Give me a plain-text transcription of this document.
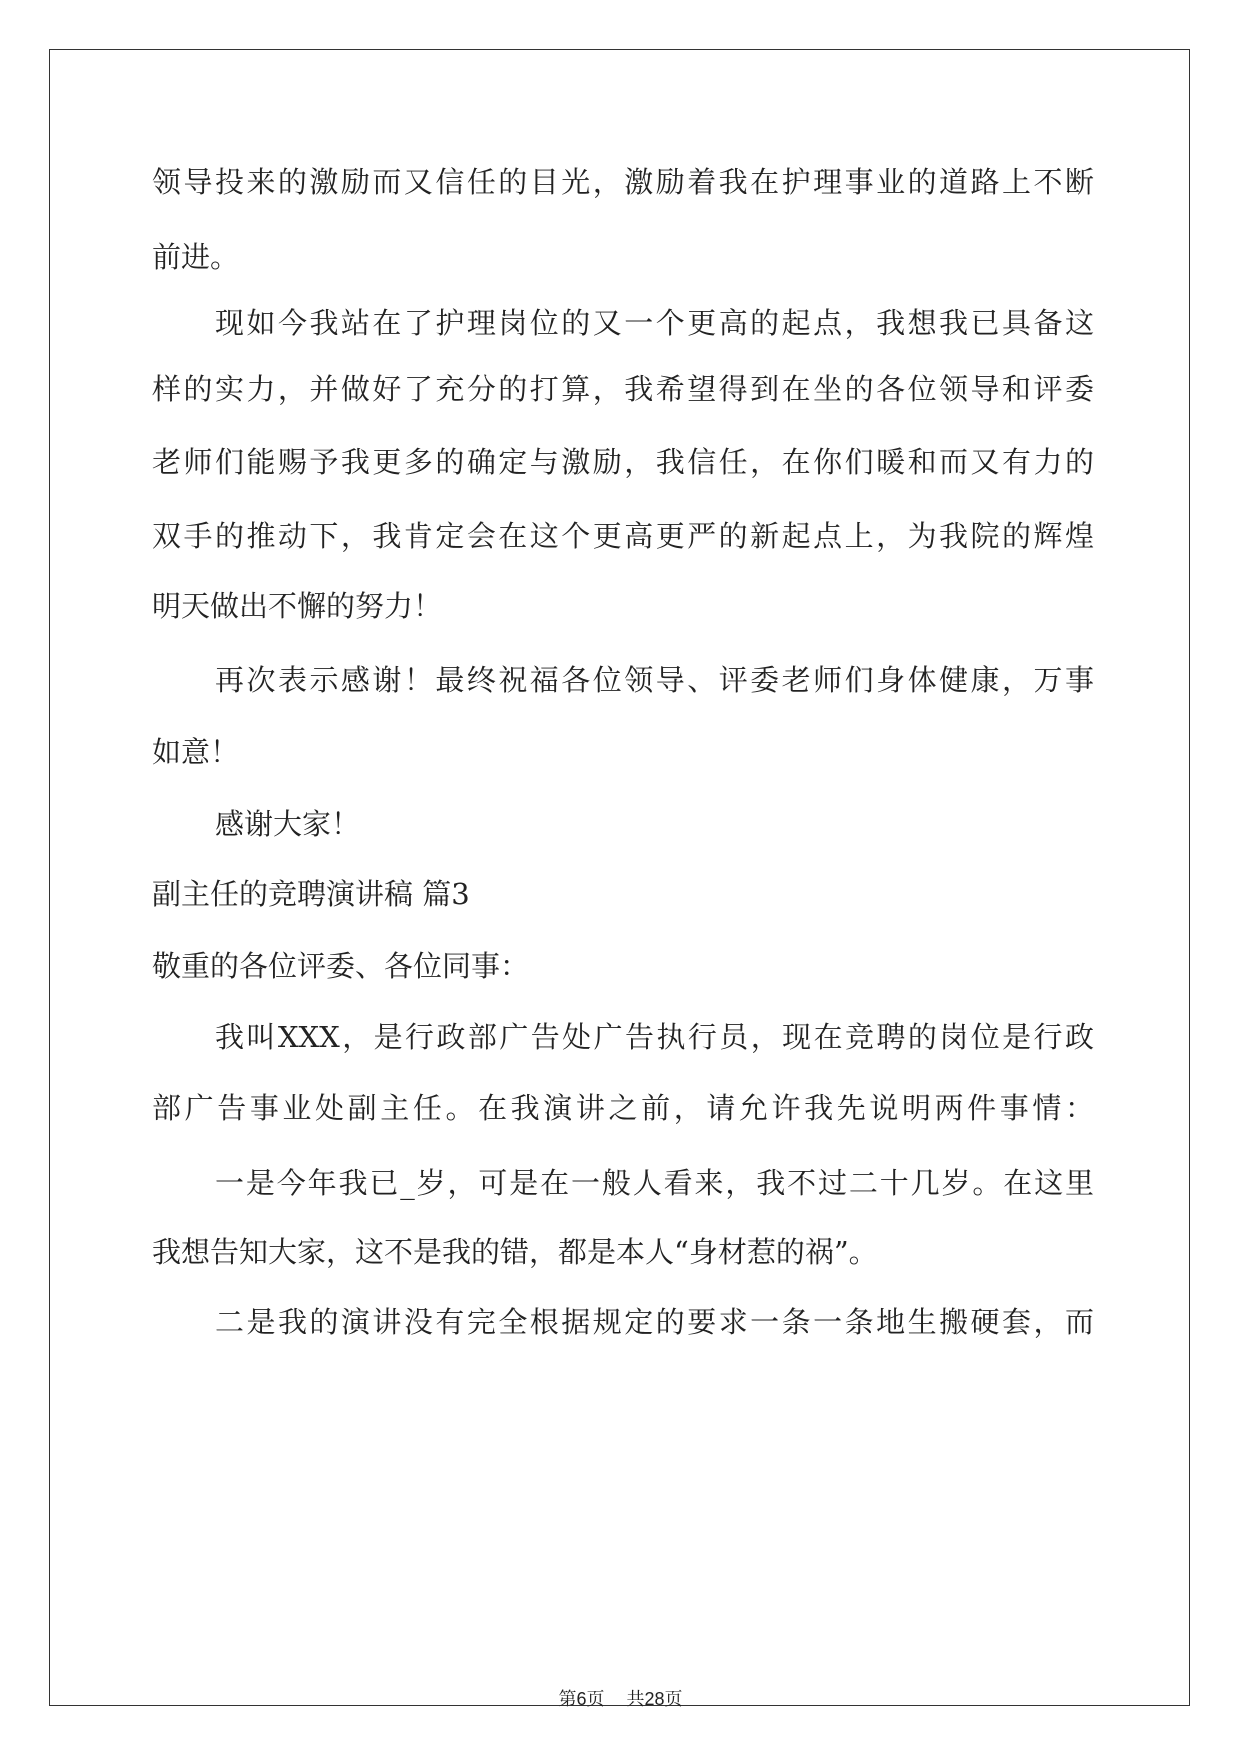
领导投来的激励而又信任的目光，激励着我在护理事业的道路上不断
前进。
现如今我站在了护理岗位的又一个更高的起点，我想我已具备这
样的实力，并做好了充分的打算，我希望得到在坐的各位领导和评委
老师们能赐予我更多的确定与激励，我信任，在你们暖和而又有力的
双手的推动下，我肯定会在这个更高更严的新起点上，为我院的辉煌
明天做出不懈的努力！
再次表示感谢！最终祝福各位领导、评委老师们身体健康，万事
如意！
感谢大家！
副主任的竞聘演讲稿 篇3
敬重的各位评委、各位同事：
我叫XXX，是行政部广告处广告执行员，现在竞聘的岗位是行政
部广告事业处副主任。在我演讲之前，请允许我先说明两件事情：
一是今年我已_岁，可是在一般人看来，我不过二十几岁。在这里
我想告知大家，这不是我的错，都是本人“身材惹的祸”。
二是我的演讲没有完全根据规定的要求一条一条地生搬硬套，而
第6页 共28页
